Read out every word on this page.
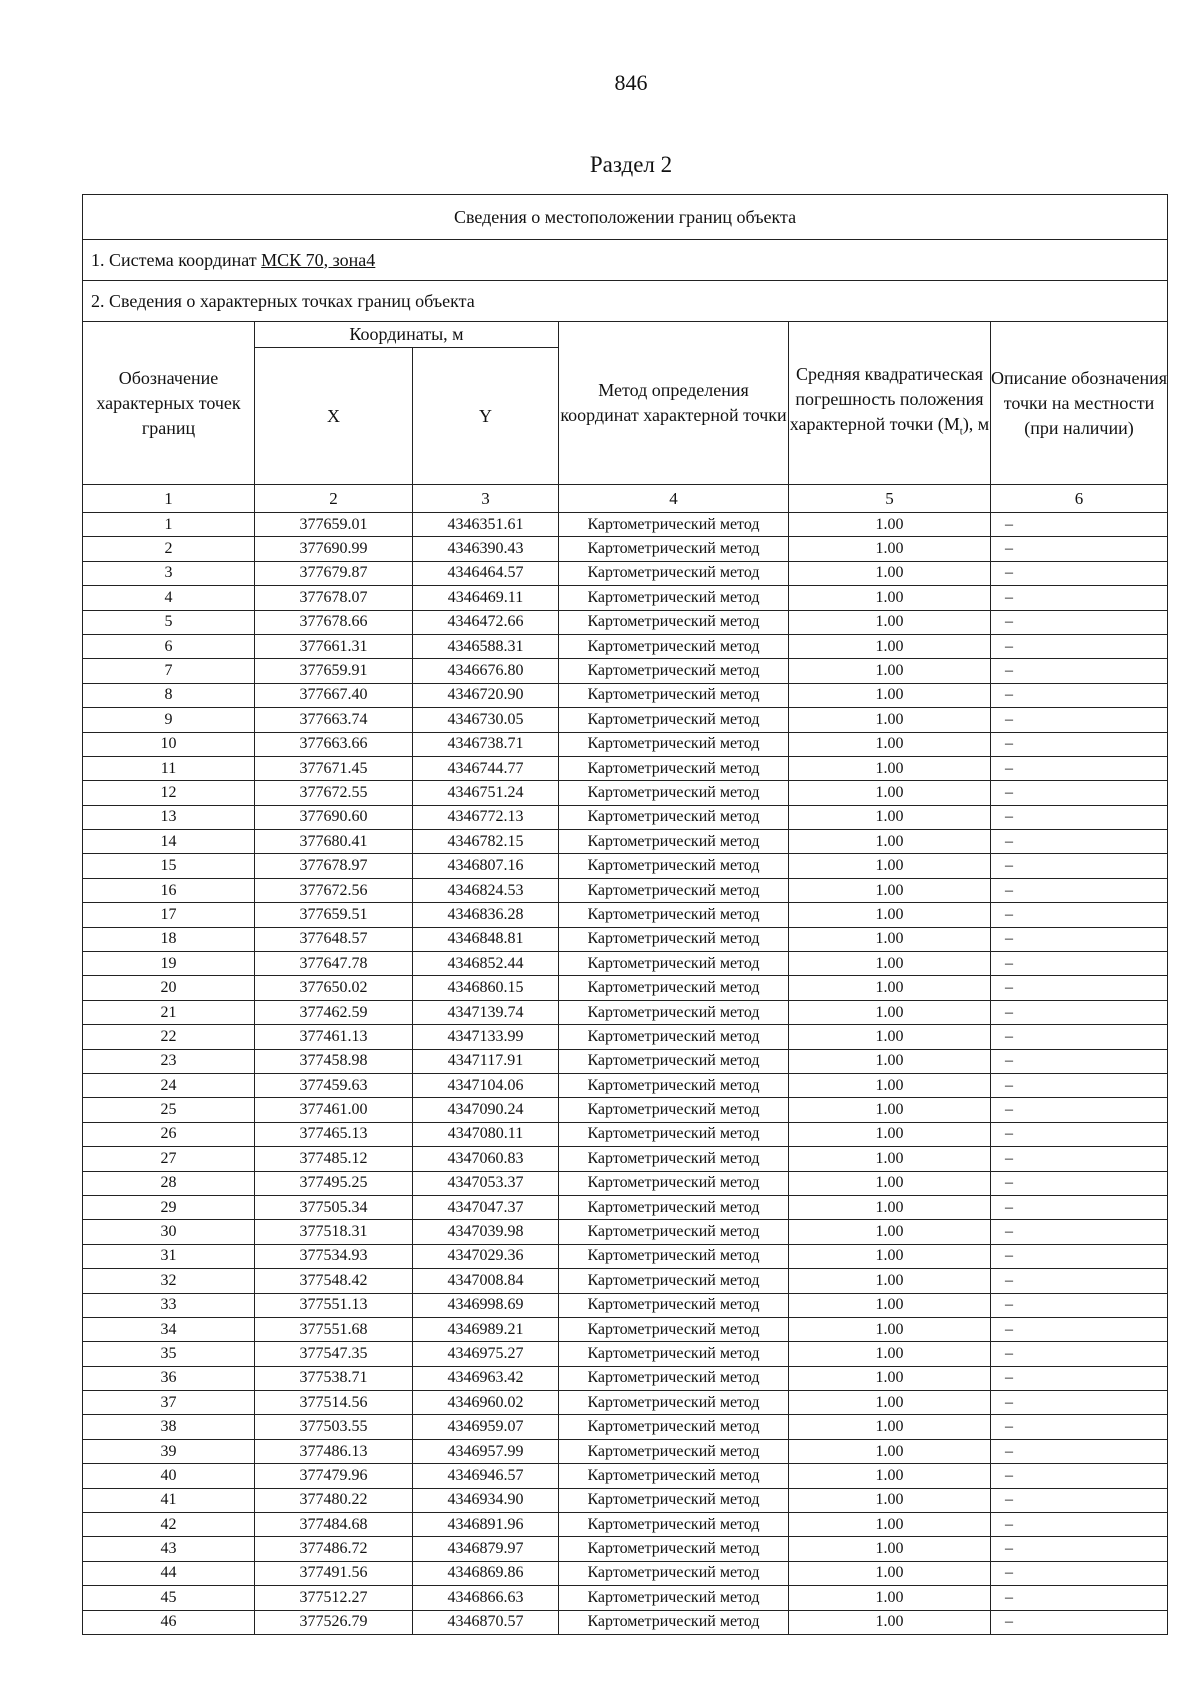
846
Раздел 2
Сведения о местоположении границ объекта					
1. Система координат МСК 70, зона4					
2. Сведения о характерных точках границ объекта					
Обозначение характерных точек границ	Координаты, м		Метод определения координат характерной точки	Средняя квадратическая погрешность положения характерной точки $(M_t)$, м	Описание обозначения точки на местности (при наличии)
	X	Y			
1	2	3	4	5	6
1	377659.01	4346351.61	Картометрический метод	1.00	–
2	377690.99	4346390.43	Картометрический метод	1.00	–
3	377679.87	4346464.57	Картометрический метод	1.00	–
4	377678.07	4346469.11	Картометрический метод	1.00	–
5	377678.66	4346472.66	Картометрический метод	1.00	–
6	377661.31	4346588.31	Картометрический метод	1.00	–
7	377659.91	4346676.80	Картометрический метод	1.00	–
8	377667.40	4346720.90	Картометрический метод	1.00	–
9	377663.74	4346730.05	Картометрический метод	1.00	–
10	377663.66	4346738.71	Картометрический метод	1.00	–
11	377671.45	4346744.77	Картометрический метод	1.00	–
12	377672.55	4346751.24	Картометрический метод	1.00	–
13	377690.60	4346772.13	Картометрический метод	1.00	–
14	377680.41	4346782.15	Картометрический метод	1.00	–
15	377678.97	4346807.16	Картометрический метод	1.00	–
16	377672.56	4346824.53	Картометрический метод	1.00	–
17	377659.51	4346836.28	Картометрический метод	1.00	–
18	377648.57	4346848.81	Картометрический метод	1.00	–
19	377647.78	4346852.44	Картометрический метод	1.00	–
20	377650.02	4346860.15	Картометрический метод	1.00	–
21	377462.59	4347139.74	Картометрический метод	1.00	–
22	377461.13	4347133.99	Картометрический метод	1.00	–
23	377458.98	4347117.91	Картометрический метод	1.00	–
24	377459.63	4347104.06	Картометрический метод	1.00	–
25	377461.00	4347090.24	Картометрический метод	1.00	–
26	377465.13	4347080.11	Картометрический метод	1.00	–
27	377485.12	4347060.83	Картометрический метод	1.00	–
28	377495.25	4347053.37	Картометрический метод	1.00	–
29	377505.34	4347047.37	Картометрический метод	1.00	–
30	377518.31	4347039.98	Картометрический метод	1.00	–
31	377534.93	4347029.36	Картометрический метод	1.00	–
32	377548.42	4347008.84	Картометрический метод	1.00	–
33	377551.13	4346998.69	Картометрический метод	1.00	–
34	377551.68	4346989.21	Картометрический метод	1.00	–
35	377547.35	4346975.27	Картометрический метод	1.00	–
36	377538.71	4346963.42	Картометрический метод	1.00	–
37	377514.56	4346960.02	Картометрический метод	1.00	–
38	377503.55	4346959.07	Картометрический метод	1.00	–
39	377486.13	4346957.99	Картометрический метод	1.00	–
40	377479.96	4346946.57	Картометрический метод	1.00	–
41	377480.22	4346934.90	Картометрический метод	1.00	–
42	377484.68	4346891.96	Картометрический метод	1.00	–
43	377486.72	4346879.97	Картометрический метод	1.00	–
44	377491.56	4346869.86	Картометрический метод	1.00	–
45	377512.27	4346866.63	Картометрический метод	1.00	–
46	377526.79	4346870.57	Картометрический метод	1.00	–
